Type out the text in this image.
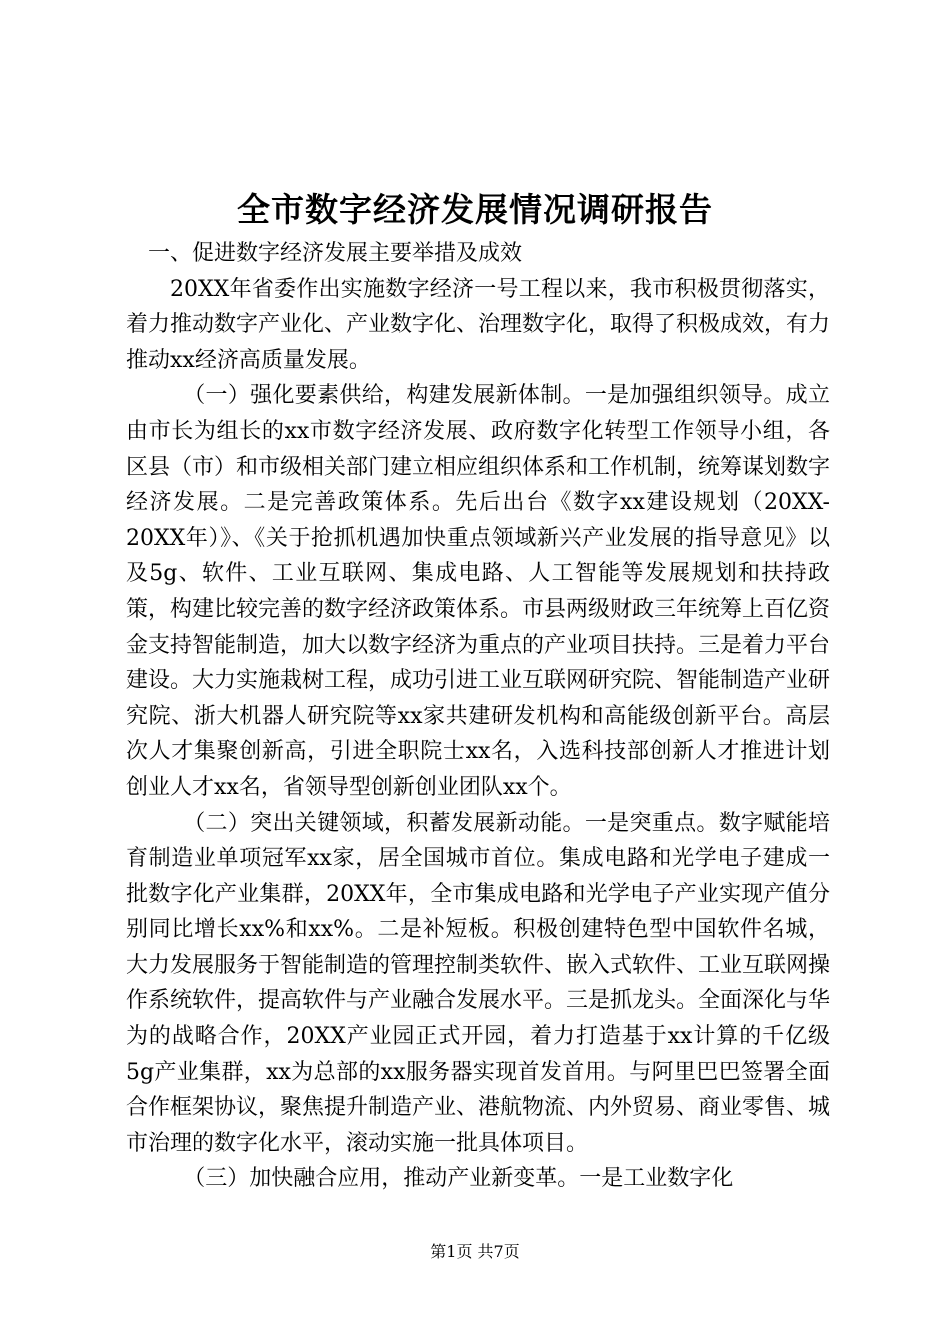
全市数字经济发展情况调研报告

一、促进数字经济发展主要举措及成效

20XX年省委作出实施数字经济一号工程以来，我市积极贯彻落实，着力推动数字产业化、产业数字化、治理数字化，取得了积极成效，有力推动xx经济高质量发展。

（一）强化要素供给，构建发展新体制。一是加强组织领导。成立由市长为组长的xx市数字经济发展、政府数字化转型工作领导小组，各区县（市）和市级相关部门建立相应组织体系和工作机制，统筹谋划数字经济发展。二是完善政策体系。先后出台《数字xx建设规划（20XX-20XX年）》、《关于抢抓机遇加快重点领域新兴产业发展的指导意见》以及5g、软件、工业互联网、集成电路、人工智能等发展规划和扶持政策，构建比较完善的数字经济政策体系。市县两级财政三年统筹上百亿资金支持智能制造，加大以数字经济为重点的产业项目扶持。三是着力平台建设。大力实施栽树工程，成功引进工业互联网研究院、智能制造产业研究院、浙大机器人研究院等xx家共建研发机构和高能级创新平台。高层次人才集聚创新高，引进全职院士xx名，入选科技部创新人才推进计划创业人才xx名，省领导型创新创业团队xx个。

（二）突出关键领域，积蓄发展新动能。一是突重点。数字赋能培育制造业单项冠军xx家，居全国城市首位。集成电路和光学电子建成一批数字化产业集群，20XX年，全市集成电路和光学电子产业实现产值分别同比增长xx%和xx%。二是补短板。积极创建特色型中国软件名城，大力发展服务于智能制造的管理控制类软件、嵌入式软件、工业互联网操作系统软件，提高软件与产业融合发展水平。三是抓龙头。全面深化与华为的战略合作，20XX产业园正式开园，着力打造基于xx计算的千亿级5g产业集群，xx为总部的xx服务器实现首发首用。与阿里巴巴签署全面合作框架协议，聚焦提升制造产业、港航物流、内外贸易、商业零售、城市治理的数字化水平，滚动实施一批具体项目。

（三）加快融合应用，推动产业新变革。一是工业数字化

第1页 共7页
